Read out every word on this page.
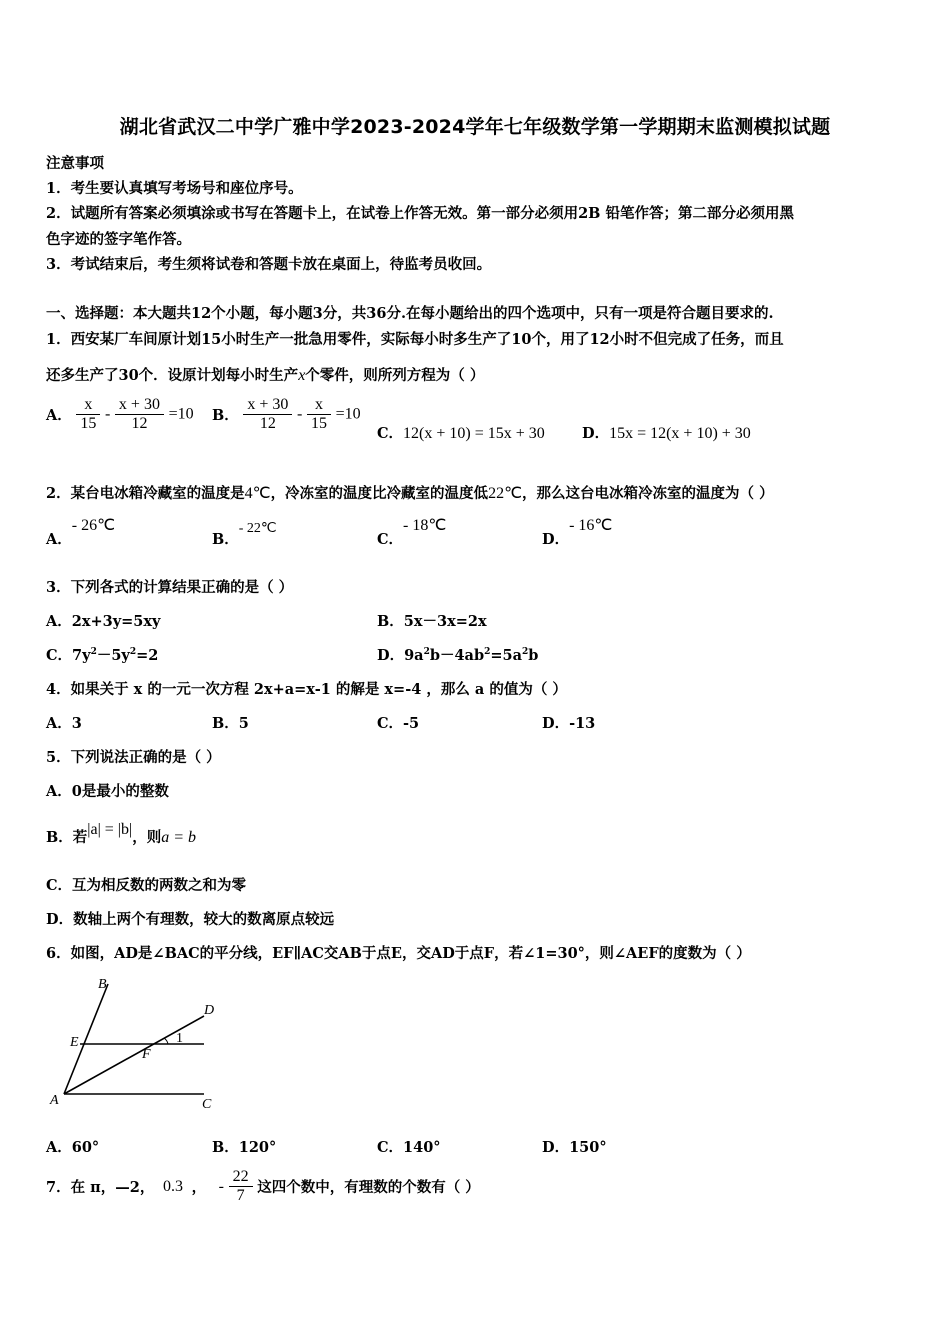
湖北省武汉二中学广雅中学2023-2024学年七年级数学第一学期期末监测模拟试题
注意事项
1．考生要认真填写考场号和座位序号。
2．试题所有答案必须填涂或书写在答题卡上，在试卷上作答无效。第一部分必须用2B 铅笔作答；第二部分必须用黑
色字迹的签字笔作答。
3．考试结束后，考生须将试卷和答题卡放在桌面上，待监考员收回。
一、选择题：本大题共12个小题，每小题3分，共36分.在每小题给出的四个选项中，只有一项是符合题目要求的.
1．西安某厂车间原计划15小时生产一批急用零件，实际每小时多生产了10个，用了12小时不但完成了任务，而且
还多生产了30个．设原计划每小时生产x个零件，则所列方程为（ ）
A． $\frac{x}{15} - \frac{x + 30}{12} =10$ B． $\frac{x + 30}{12} - \frac{x}{15} =10$
C．12(x + 10) = 15x + 30	D．15x = 12(x + 10) + 30
2．某台电冰箱冷藏室的温度是4℃，冷冻室的温度比冷藏室的温度低22℃，那么这台电冰箱冷冻室的温度为（ ）
A．- 26℃
B．- 22℃
C．- 18℃
D．- 16℃
3．下列各式的计算结果正确的是（ ）
A．2x+3y=5xy	B．5x－3x=2x
C．$7y^2-5y^2=2$	D．$9a^2b-4ab^2=5a^2b$
4．如果关于 x 的一元一次方程 2x+a=x-1 的解是 x=-4 ，那么 a 的值为（ ）
A．3	B．5	C．-5	D．-13
5．下列说法正确的是（ ）
A．0是最小的整数
B．若|a| = |b|，则a = b
C．互为相反数的两数之和为零
D．数轴上两个有理数，较大的数离原点较远
6．如图，AD是∠BAC的平分线，EF∥AC交AB于点E，交AD于点F，若∠1=30°，则∠AEF的度数为（ ）
B
E
A
D
F
C
1
A．60°	B．120°	C．140°	D．150°
7．在 π，—2， 0.3 ， - $\frac{22}{7}$ 这四个数中，有理数的个数有（ ）
